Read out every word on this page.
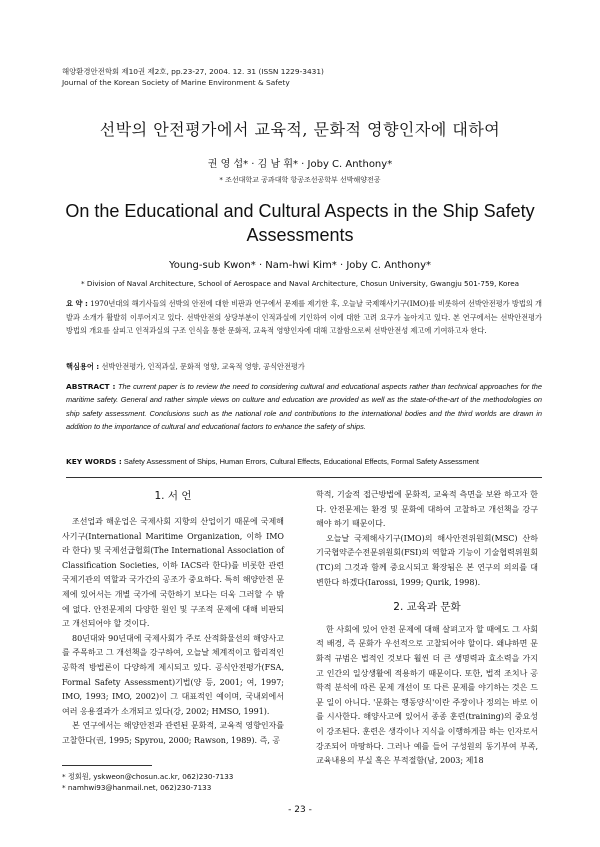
해양환경안전학회 제10권 제2호, pp.23-27, 2004. 12. 31 (ISSN 1229-3431)
Journal of the Korean Society of Marine Environment & Safety
선박의 안전평가에서 교육적, 문화적 영향인자에 대하여
권 영 섭* · 김 남 휘* · Joby C. Anthony*
* 조선대학교 공과대학 항공조선공학부 선박해양전공
On the Educational and Cultural Aspects in the Ship Safety Assessments
Young-sub Kwon* · Nam-hwi Kim* · Joby C. Anthony*
* Division of Naval Architecture, School of Aerospace and Naval Architecture, Chosun University, Gwangju 501-759, Korea
요 약 : 1970년대의 해기사들의 선박의 안전에 대한 비판과 연구에서 문제를 제기한 후, 오늘날 국제해사기구(IMO)를 비롯하여 선박안전평가 방법의 개발과 소개가 활발히 이루어지고 있다. 선박안전의 상당부분이 인적과실에 기인하여 이에 대한 고려 요구가 높아지고 있다. 본 연구에서는 선박안전평가 방법의 개요를 살피고 인적과실의 구조 인식을 통한 문화적, 교육적 영향인자에 대해 고찰함으로써 선박안전성 제고에 기여하고자 한다.
핵심용어 : 선박안전평가, 인적과실, 문화적 영향, 교육적 영향, 공식안전평가
ABSTRACT : The current paper is to review the need to considering cultural and educational aspects rather than technical approaches for the maritime safety. General and rather simple views on culture and education are provided as well as the state-of-the-art of the methodologies on ship safety assessment. Conclusions such as the national role and contributions to the international bodies and the third worlds are drawn in addition to the importance of cultural and educational factors to enhance the safety of ships.
KEY WORDS : Safety Assessment of Ships, Human Errors, Cultural Effects, Educational Effects, Formal Safety Assessment
1. 서 언

조선업과 해운업은 국제사회 지향의 산업이기 때문에 국제해사기구(International Maritime Organization, 이하 IMO라 한다) 및 국제선급협회(The International Association of Classification Societies, 이하 IACS라 한다)를 비롯한 관련 국제기관의 역할과 국가간의 공조가 중요하다. 특히 해양안전 문제에 있어서는 개별 국가에 국한하기 보다는 더욱 그러할 수 밖에 없다. 안전문제의 다양한 원인 및 구조적 문제에 대해 비판되고 개선되어야 할 것이다.

80년대와 90년대에 국제사회가 주로 산적화물선의 해양사고를 주목하고 그 개선책을 강구하여, 오늘날 체계적이고 합리적인 공학적 방법론이 다양하게 제시되고 있다. 공식안전평가(FSA, Formal Safety Assessment)기법(양 등, 2001; 여, 1997; IMO, 1993; IMO, 2002)이 그 대표적인 예이며, 국내외에서 여러 응용결과가 소개되고 있다(강, 2002; HMSO, 1991).

본 연구에서는 해양안전과 관련된 문화적, 교육적 영향인자를 고찰한다(권, 1995; Spyrou, 2000; Rawson, 1989). 즉, 공

학적, 기술적 접근방법에 문화적, 교육적 측면을 보완 하고자 한다. 안전문제는 환경 및 문화에 대하여 고찰하고 개선책을 강구해야 하기 때문이다.

오늘날 국제해사기구(IMO)의 해사안전위원회(MSC) 산하 기국협약준수전문위원회(FSI)의 역할과 기능이 기술협력위원회(TC)의 그것과 함께 중요시되고 확장됨은 본 연구의 의의를 대변한다 하겠다(Iarossi, 1999; Qurik, 1998).

2. 교육과 문화

한 사회에 있어 안전 문제에 대해 살펴고자 할 때에도 그 사회적 배경, 즉 문화가 우선적으로 고찰되어야 할이다. 왜냐하면 문화적 규범은 법적인 것보다 훨씬 더 큰 생명력과 효소력을 가지고 인간의 일상생활에 적용하기 때문이다. 또한, 법적 조치나 공학적 분석에 따른 문제 개선이 또 다른 문제를 야기하는 것은 드문 일이 아니다. '문화는 행동양식'이란 주장이나 정의는 바로 이를 시사한다. 해양사고에 있어서 종종 훈련(training)의 중요성이 강조된다. 훈련은 생각이나 지식을 이행하게끔 하는 인자로서 강조되어 마땅하다. 그러나 예를 들어 구성원의 동기부여 부족, 교육내용의 부실 혹은 부적절함(남, 2003; 제18

* 정회원, yskweon@chosun.ac.kr, 062)230-7133
* namhwi93@hanmail.net, 062)230-7133
- 23 -
